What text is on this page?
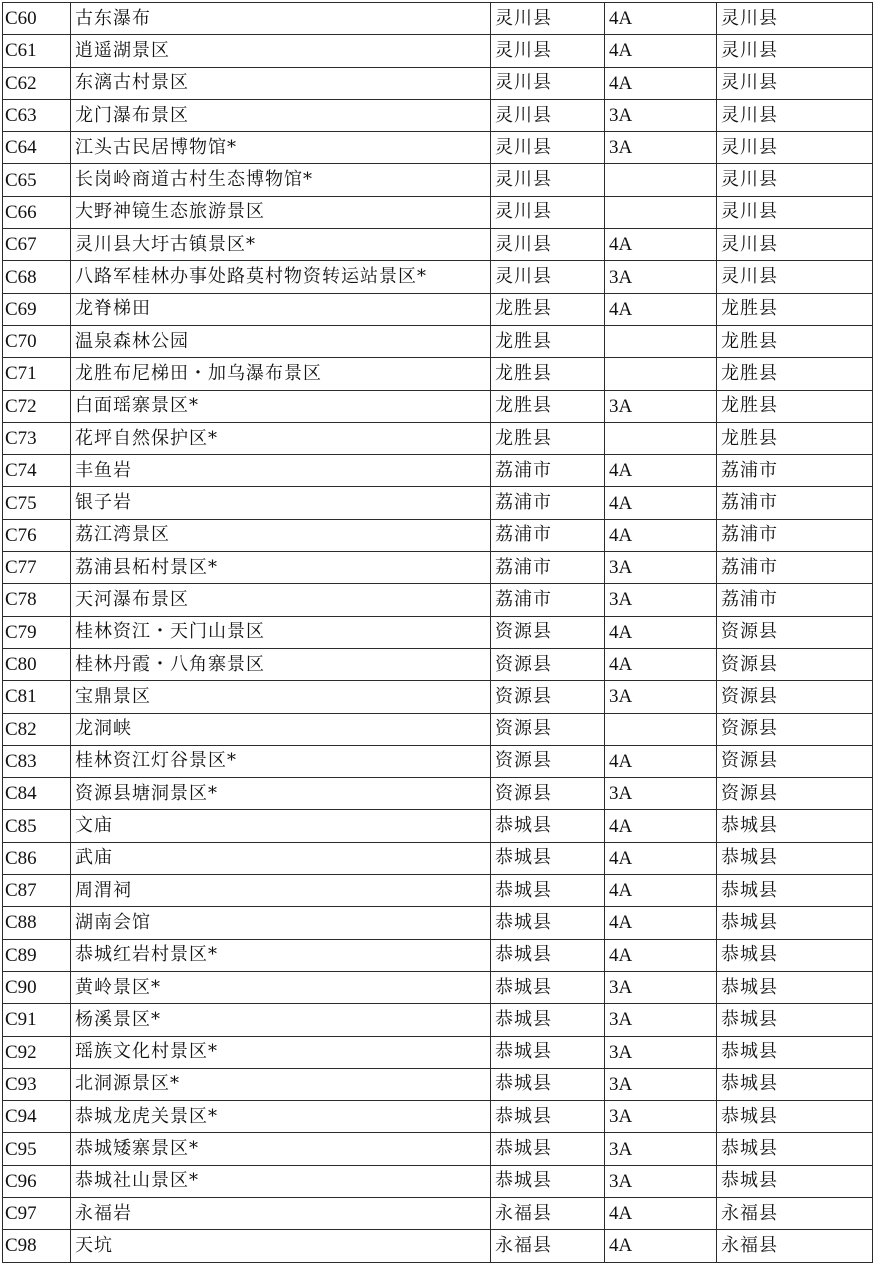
C60	古东瀑布	灵川县	4A	灵川县
C61	逍遥湖景区	灵川县	4A	灵川县
C62	东漓古村景区	灵川县	4A	灵川县
C63	龙门瀑布景区	灵川县	3A	灵川县
C64	江头古民居博物馆*	灵川县	3A	灵川县
C65	长岗岭商道古村生态博物馆*	灵川县		灵川县
C66	大野神镜生态旅游景区	灵川县		灵川县
C67	灵川县大圩古镇景区*	灵川县	4A	灵川县
C68	八路军桂林办事处路莫村物资转运站景区*	灵川县	3A	灵川县
C69	龙脊梯田	龙胜县	4A	龙胜县
C70	温泉森林公园	龙胜县		龙胜县
C71	龙胜布尼梯田・加乌瀑布景区	龙胜县		龙胜县
C72	白面瑶寨景区*	龙胜县	3A	龙胜县
C73	花坪自然保护区*	龙胜县		龙胜县
C74	丰鱼岩	荔浦市	4A	荔浦市
C75	银子岩	荔浦市	4A	荔浦市
C76	荔江湾景区	荔浦市	4A	荔浦市
C77	荔浦县柘村景区*	荔浦市	3A	荔浦市
C78	天河瀑布景区	荔浦市	3A	荔浦市
C79	桂林资江・天门山景区	资源县	4A	资源县
C80	桂林丹霞・八角寨景区	资源县	4A	资源县
C81	宝鼎景区	资源县	3A	资源县
C82	龙洞峡	资源县		资源县
C83	桂林资江灯谷景区*	资源县	4A	资源县
C84	资源县塘洞景区*	资源县	3A	资源县
C85	文庙	恭城县	4A	恭城县
C86	武庙	恭城县	4A	恭城县
C87	周渭祠	恭城县	4A	恭城县
C88	湖南会馆	恭城县	4A	恭城县
C89	恭城红岩村景区*	恭城县	4A	恭城县
C90	黄岭景区*	恭城县	3A	恭城县
C91	杨溪景区*	恭城县	3A	恭城县
C92	瑶族文化村景区*	恭城县	3A	恭城县
C93	北洞源景区*	恭城县	3A	恭城县
C94	恭城龙虎关景区*	恭城县	3A	恭城县
C95	恭城矮寨景区*	恭城县	3A	恭城县
C96	恭城社山景区*	恭城县	3A	恭城县
C97	永福岩	永福县	4A	永福县
C98	天坑	永福县	4A	永福县
